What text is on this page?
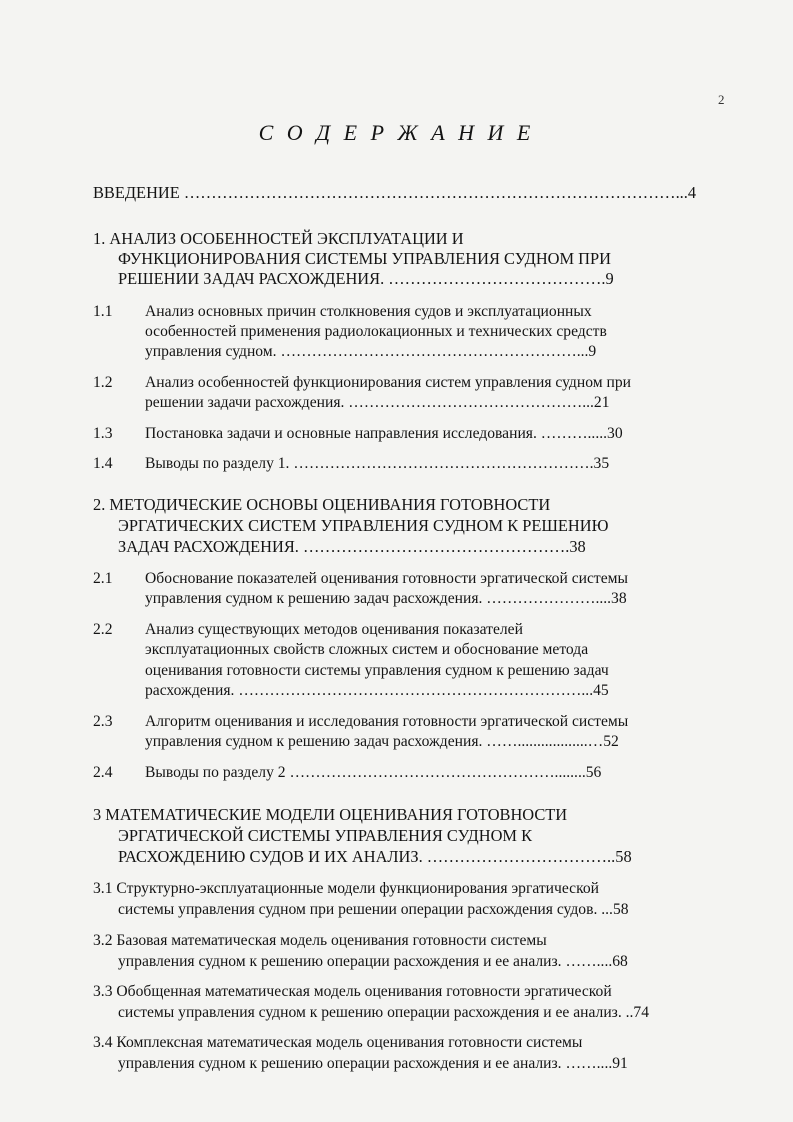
2
С О Д Е Р Ж А Н И Е
ВВЕДЕНИЕ ………………………………………………………………………………...4
1. АНАЛИЗ ОСОБЕННОСТЕЙ ЭКСПЛУАТАЦИИ И
ФУНКЦИОНИРОВАНИЯ СИСТЕМЫ УПРАВЛЕНИЯ СУДНОМ ПРИ
РЕШЕНИИ ЗАДАЧ РАСХОЖДЕНИЯ. ………………………………….9
1.1 Анализ основных причин столкновения судов и эксплуатационных
особенностей применения радиолокационных и технических средств
управления судном. …………………………………………………...9
1.2 Анализ особенностей функционирования систем управления судном при
решении задачи расхождения. ………………………………………...21
1.3 Постановка задачи и основные направления исследования. ……….....30
1.4 Выводы по разделу 1. ………………………………………………….35
2. МЕТОДИЧЕСКИЕ ОСНОВЫ ОЦЕНИВАНИЯ ГОТОВНОСТИ
ЭРГАТИЧЕСКИХ СИСТЕМ УПРАВЛЕНИЯ СУДНОМ К РЕШЕНИЮ
ЗАДАЧ РАСХОЖДЕНИЯ. ………………………………………….38
2.1 Обоснование показателей оценивания готовности эргатической системы
управления судном к решению задач расхождения. …………………....38
2.2 Анализ существующих методов оценивания показателей
эксплуатационных свойств сложных систем и обоснование метода
оценивания готовности системы управления судном к решению задач
расхождения. …………………………………………………………...45
2.3 Алгоритм оценивания и исследования готовности эргатической системы
управления судном к решению задач расхождения. ……..................…52
2.4 Выводы по разделу 2 ……………………………………………........56
3 МАТЕМАТИЧЕСКИЕ МОДЕЛИ ОЦЕНИВАНИЯ ГОТОВНОСТИ
ЭРГАТИЧЕСКОЙ СИСТЕМЫ УПРАВЛЕНИЯ СУДНОМ К
РАСХОЖДЕНИЮ СУДОВ И ИХ АНАЛИЗ. ……………………………..58
3.1 Структурно-эксплуатационные модели функционирования эргатической
системы управления судном при решении операции расхождения судов. ...58
3.2 Базовая математическая модель оценивания готовности системы
управления судном к решению операции расхождения и ее анализ. ……....68
3.3 Обобщенная математическая модель оценивания готовности эргатической
системы управления судном к решению операции расхождения и ее анализ. ..74
3.4 Комплексная математическая модель оценивания готовности системы
управления судном к решению операции расхождения и ее анализ. ……....91
